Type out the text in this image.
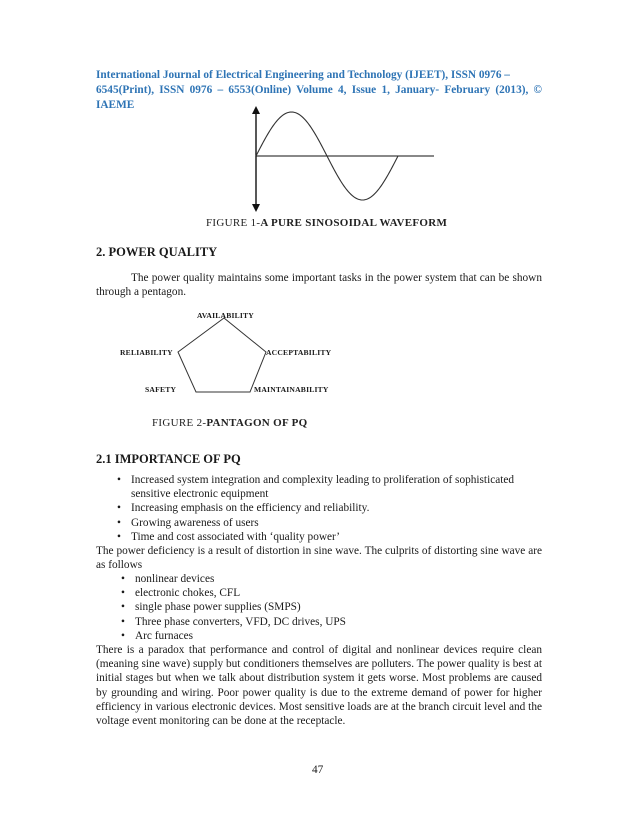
International Journal of Electrical Engineering and Technology (IJEET), ISSN 0976 –
6545(Print), ISSN 0976 – 6553(Online) Volume 4, Issue 1, January- February (2013), © IAEME
FIGURE 1-A PURE SINOSOIDAL WAVEFORM
2. POWER QUALITY
The power quality maintains some important tasks in the power system that can be shown through a pentagon.
AVAILABILITY
RELIABILITY	ACCEPTABILITY
SAFETY	MAINTAINABILITY
FIGURE 2-PANTAGON OF PQ
2.1 IMPORTANCE OF PQ
• Increased system integration and complexity leading to proliferation of sophisticated sensitive electronic equipment
• Increasing emphasis on the efficiency and reliability.
• Growing awareness of users
• Time and cost associated with ‘quality power’
The power deficiency is a result of distortion in sine wave. The culprits of distorting sine wave are as follows
• nonlinear devices
• electronic chokes, CFL
• single phase power supplies (SMPS)
• Three phase converters, VFD, DC drives, UPS
• Arc furnaces
There is a paradox that performance and control of digital and nonlinear devices require clean (meaning sine wave) supply but conditioners themselves are polluters. The power quality is best at initial stages but when we talk about distribution system it gets worse. Most problems are caused by grounding and wiring. Poor power quality is due to the extreme demand of power for higher efficiency in various electronic devices. Most sensitive loads are at the branch circuit level and the voltage event monitoring can be done at the receptacle.
47
